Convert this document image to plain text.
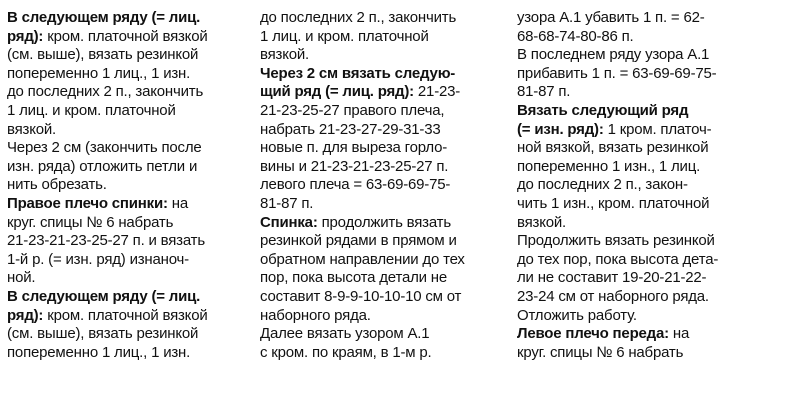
В следующем ряду (= лиц.
ряд): кром. платочной вязкой
(см. выше), вязать резинкой
попеременно 1 лиц., 1 изн.
до последних 2 п., закончить
1 лиц. и кром. платочной
вязкой.
Через 2 см (закончить после
изн. ряда) отложить петли и
нить обрезать.
Правое плечо спинки: на
круг. спицы № 6 набрать
21-23-21-23-25-27 п. и вязать
1-й р. (= изн. ряд) изнаноч-
ной.
В следующем ряду (= лиц.
ряд): кром. платочной вязкой
(см. выше), вязать резинкой
попеременно 1 лиц., 1 изн.
до последних 2 п., закончить
1 лиц. и кром. платочной
вязкой.
Через 2 см вязать следую-
щий ряд (= лиц. ряд): 21-23-
21-23-25-27 правого плеча,
набрать 21-23-27-29-31-33
новые п. для выреза горло-
вины и 21-23-21-23-25-27 п.
левого плеча = 63-69-69-75-
81-87 п.
Спинка: продолжить вязать
резинкой рядами в прямом и
обратном направлении до тех
пор, пока высота детали не
составит 8-9-9-10-10-10 см от
наборного ряда.
Далее вязать узором А.1
с кром. по краям, в 1-м р.
узора А.1 убавить 1 п. = 62-
68-68-74-80-86 п.
В последнем ряду узора А.1
прибавить 1 п. = 63-69-69-75-
81-87 п.
Вязать следующий ряд
(= изн. ряд): 1 кром. платоч-
ной вязкой, вязать резинкой
попеременно 1 изн., 1 лиц.
до последних 2 п., закон-
чить 1 изн., кром. платочной
вязкой.
Продолжить вязать резинкой
до тех пор, пока высота дета-
ли не составит 19-20-21-22-
23-24 см от наборного ряда.
Отложить работу.
Левое плечо переда: на
круг. спицы № 6 набрать
